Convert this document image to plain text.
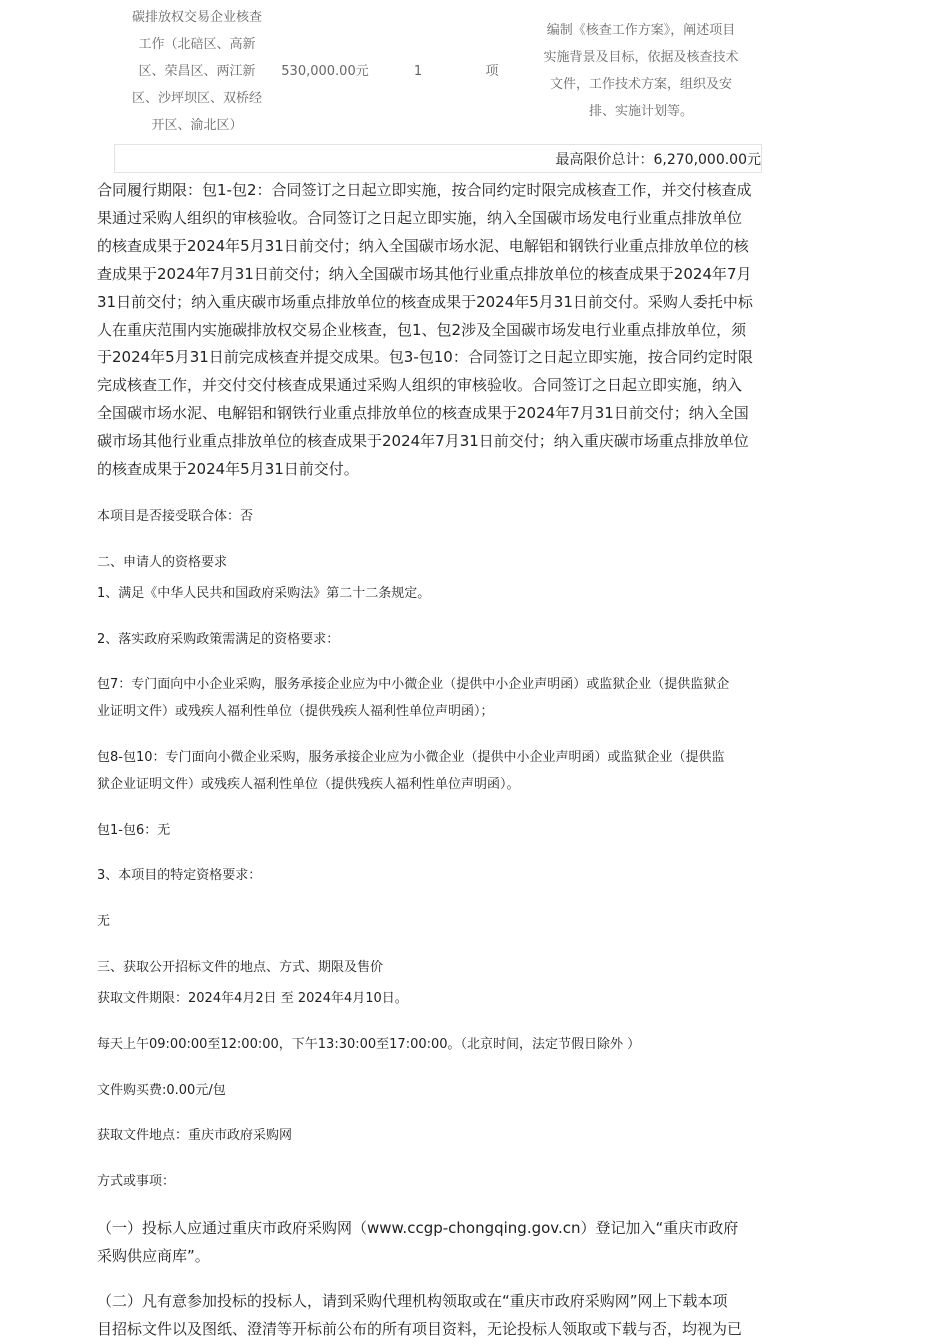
碳排放权交易企业核查
工作（北碚区、高新
区、荣昌区、两江新
区、沙坪坝区、双桥经
开区、渝北区）
530,000.00元	1	项
编制《核查工作方案》，阐述项目
实施背景及目标，依据及核查技术
文件，工作技术方案，组织及安
排、实施计划等。
最高限价总计：6,270,000.00元
合同履行期限：包1-包2：合同签订之日起立即实施，按合同约定时限完成核查工作，并交付核查成
果通过采购人组织的审核验收。合同签订之日起立即实施，纳入全国碳市场发电行业重点排放单位
的核查成果于2024年5月31日前交付；纳入全国碳市场水泥、电解铝和钢铁行业重点排放单位的核
查成果于2024年7月31日前交付；纳入全国碳市场其他行业重点排放单位的核查成果于2024年7月
31日前交付；纳入重庆碳市场重点排放单位的核查成果于2024年5月31日前交付。采购人委托中标
人在重庆范围内实施碳排放权交易企业核查，包1、包2涉及全国碳市场发电行业重点排放单位，须
于2024年5月31日前完成核查并提交成果。包3-包10：合同签订之日起立即实施，按合同约定时限
完成核查工作，并交付交付核查成果通过采购人组织的审核验收。合同签订之日起立即实施，纳入
全国碳市场水泥、电解铝和钢铁行业重点排放单位的核查成果于2024年7月31日前交付；纳入全国
碳市场其他行业重点排放单位的核查成果于2024年7月31日前交付；纳入重庆碳市场重点排放单位
的核查成果于2024年5月31日前交付。
本项目是否接受联合体：否
二、申请人的资格要求
1、满足《中华人民共和国政府采购法》第二十二条规定。
2、落实政府采购政策需满足的资格要求：
包7：专门面向中小企业采购，服务承接企业应为中小微企业（提供中小企业声明函）或监狱企业（提供监狱企
业证明文件）或残疾人福利性单位（提供残疾人福利性单位声明函）；
包8-包10：专门面向小微企业采购，服务承接企业应为小微企业（提供中小企业声明函）或监狱企业（提供监
狱企业证明文件）或残疾人福利性单位（提供残疾人福利性单位声明函）。
包1-包6：无
3、本项目的特定资格要求：
无
三、获取公开招标文件的地点、方式、期限及售价
获取文件期限：2024年4月2日 至 2024年4月10日。
每天上午09:00:00至12:00:00，下午13:30:00至17:00:00。（北京时间，法定节假日除外 ）
文件购买费:0.00元/包
获取文件地点：重庆市政府采购网
方式或事项：
（一）投标人应通过重庆市政府采购网（www.ccgp-chongqing.gov.cn）登记加入“重庆市政府
采购供应商库”。
（二）凡有意参加投标的投标人，请到采购代理机构领取或在“重庆市政府采购网”网上下载本项
目招标文件以及图纸、澄清等开标前公布的所有项目资料，无论投标人领取或下载与否，均视为已
